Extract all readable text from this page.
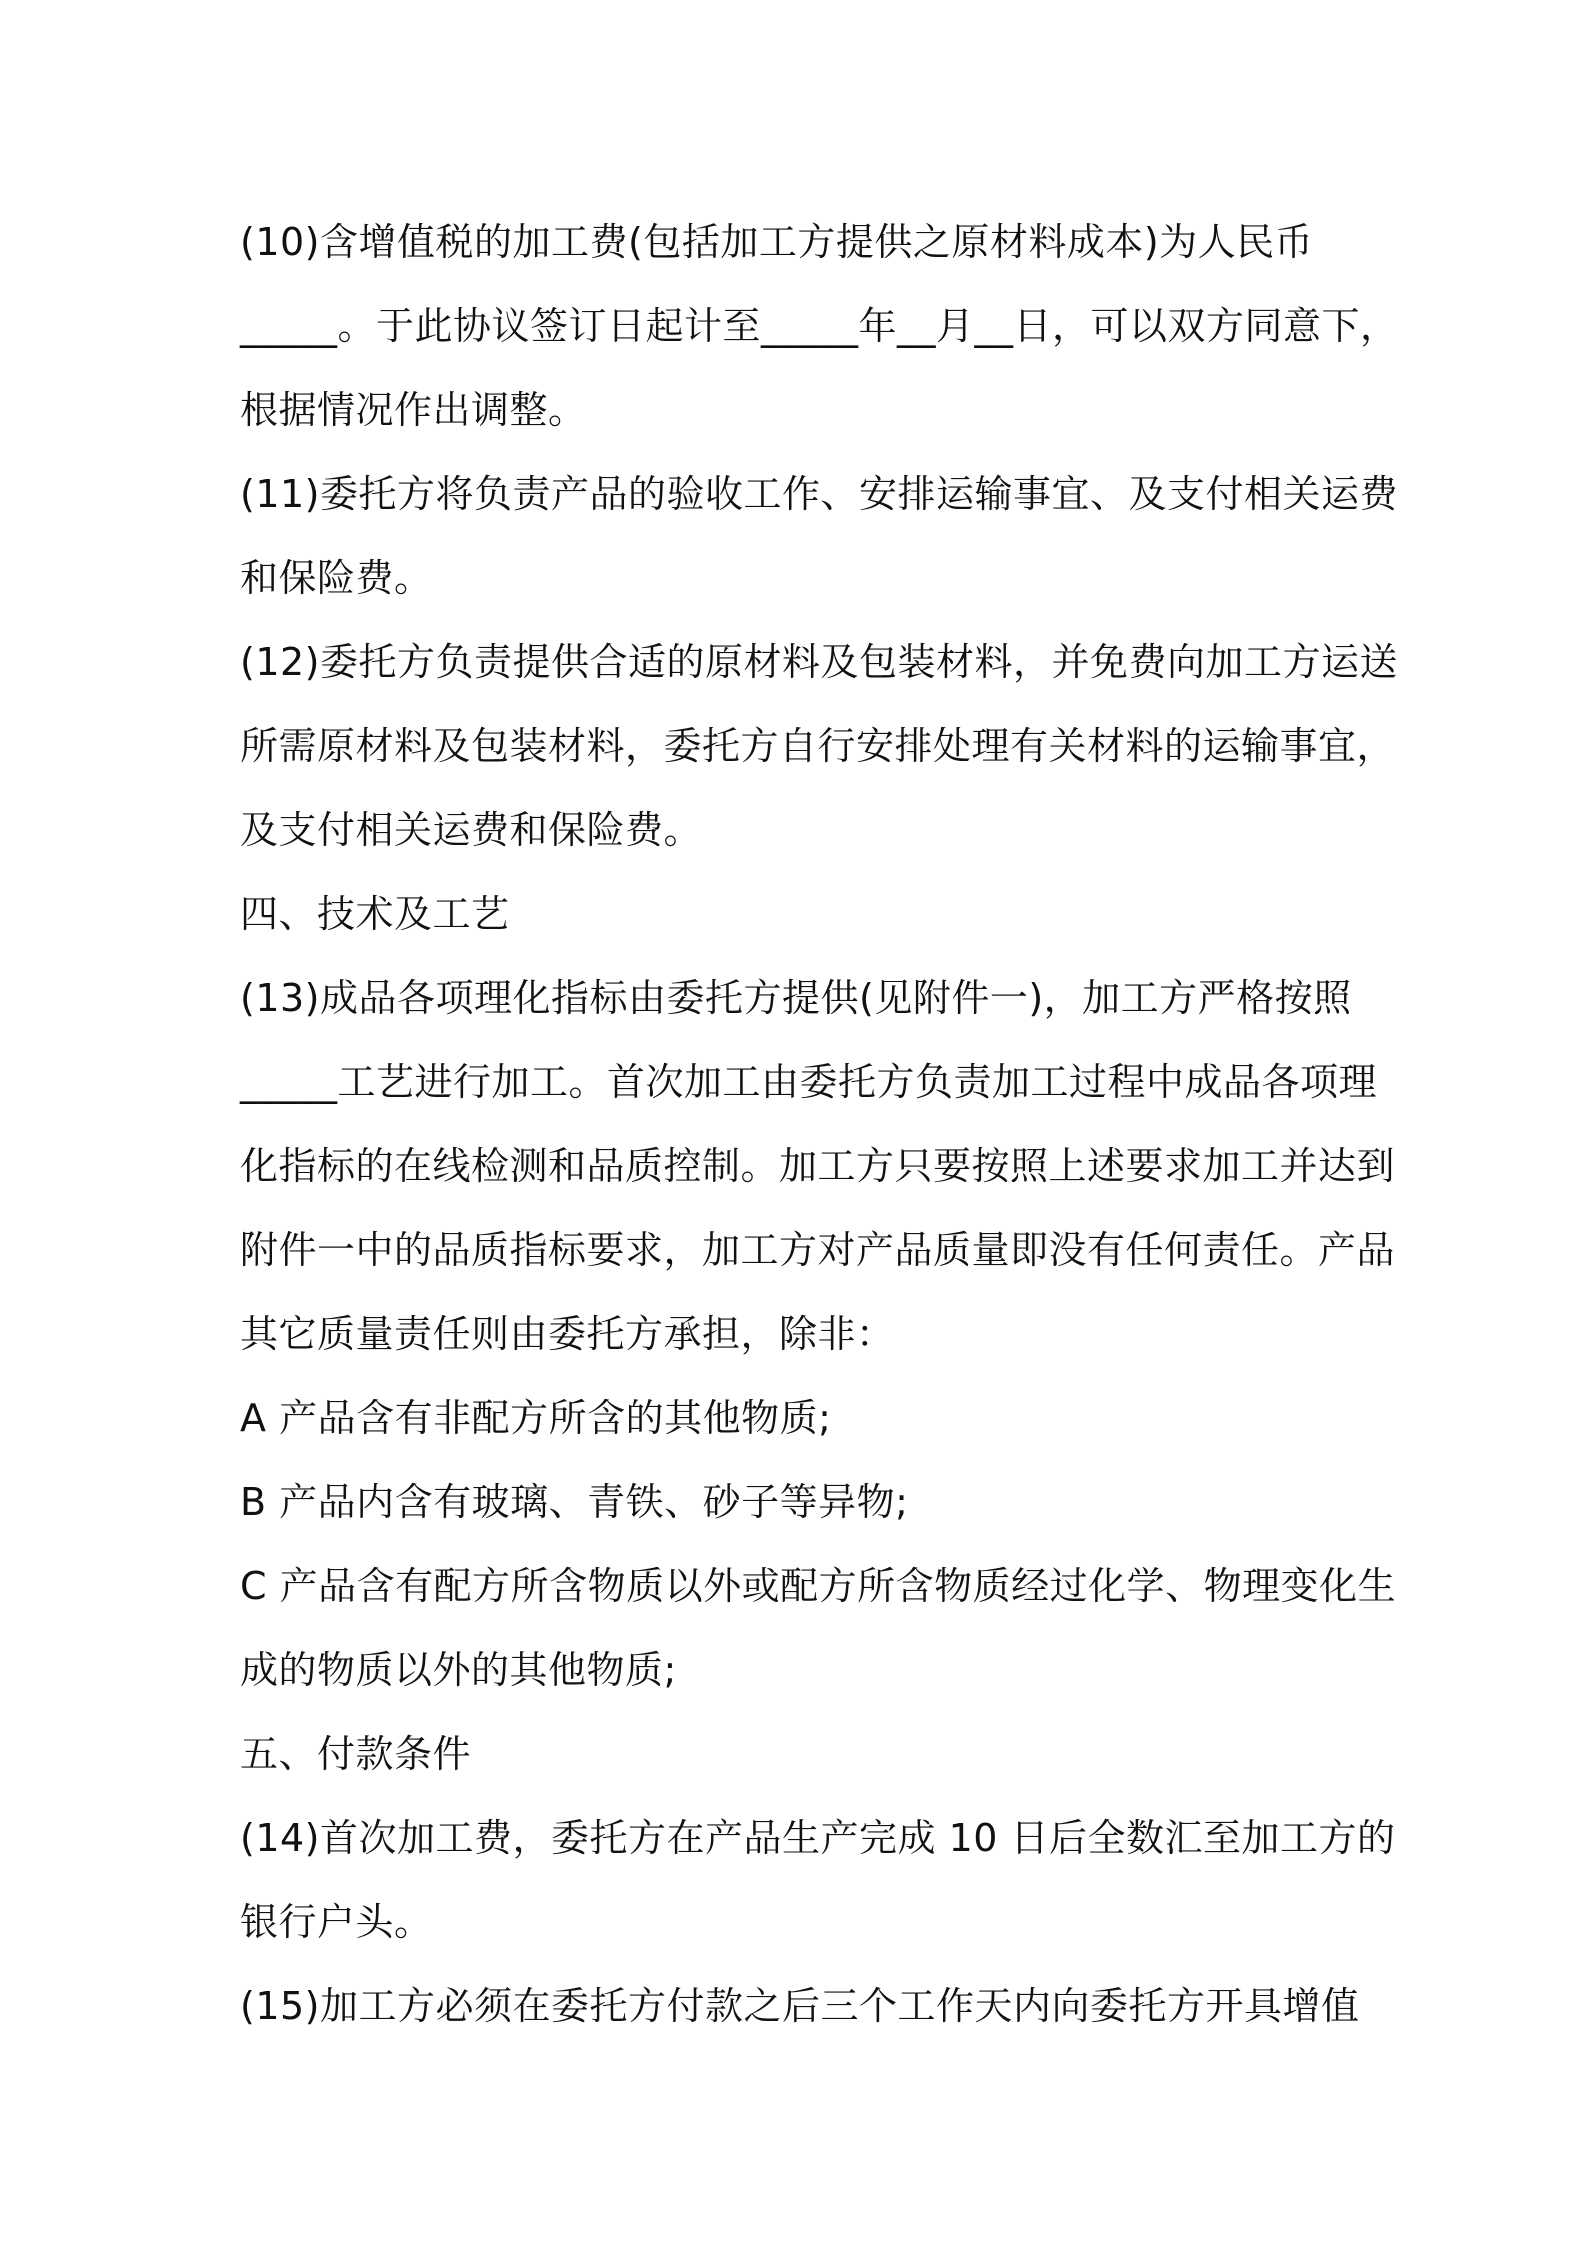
(10)含增值税的加工费(包括加工方提供之原材料成本)为人民币
_____。于此协议签订日起计至_____年__月__日，可以双方同意下，
根据情况作出调整。
(11)委托方将负责产品的验收工作、安排运输事宜、及支付相关运费
和保险费。
(12)委托方负责提供合适的原材料及包装材料，并免费向加工方运送
所需原材料及包装材料，委托方自行安排处理有关材料的运输事宜，
及支付相关运费和保险费。
四、技术及工艺
(13)成品各项理化指标由委托方提供(见附件一)，加工方严格按照
_____工艺进行加工。首次加工由委托方负责加工过程中成品各项理
化指标的在线检测和品质控制。加工方只要按照上述要求加工并达到
附件一中的品质指标要求，加工方对产品质量即没有任何责任。产品
其它质量责任则由委托方承担，除非：
A 产品含有非配方所含的其他物质;
B 产品内含有玻璃、青铁、砂子等异物;
C 产品含有配方所含物质以外或配方所含物质经过化学、物理变化生
成的物质以外的其他物质;
五、付款条件
(14)首次加工费，委托方在产品生产完成 10 日后全数汇至加工方的
银行户头。
(15)加工方必须在委托方付款之后三个工作天内向委托方开具增值
